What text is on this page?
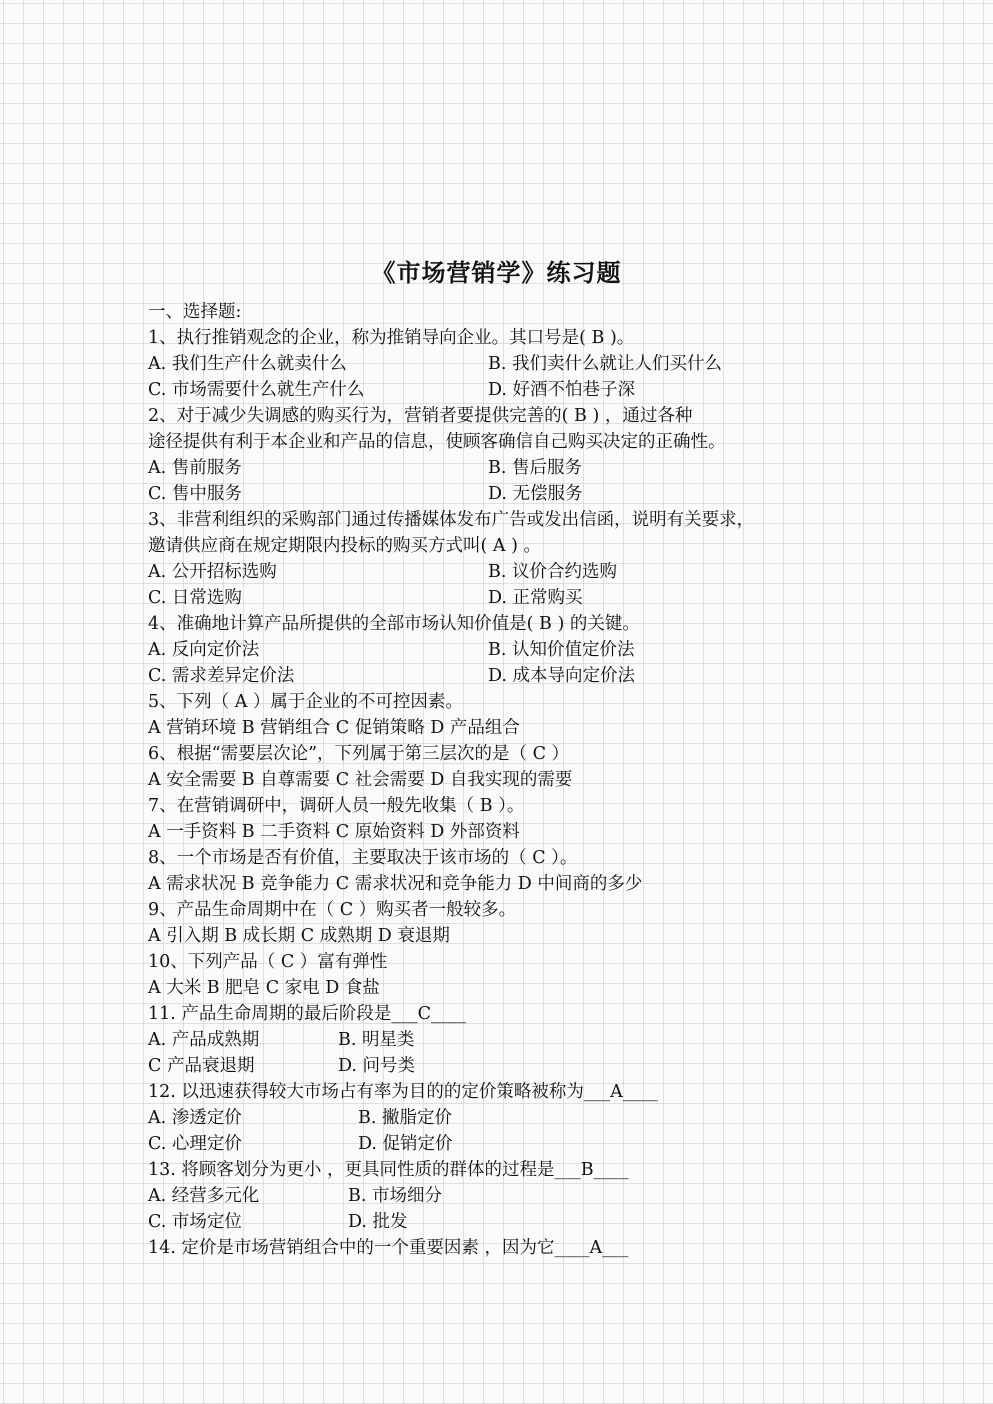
《市场营销学》练习题
一、选择题:
1、执行推销观念的企业，称为推销导向企业。其口号是( B )。
A. 我们生产什么就卖什么	B. 我们卖什么就让人们买什么
C. 市场需要什么就生产什么	D. 好酒不怕巷子深
2、对于减少失调感的购买行为，营销者要提供完善的( B ) ，通过各种
途径提供有利于本企业和产品的信息，使顾客确信自己购买决定的正确性。
A. 售前服务	B. 售后服务
C. 售中服务	D. 无偿服务
3、非营利组织的采购部门通过传播媒体发布广告或发出信函，说明有关要求，
邀请供应商在规定期限内投标的购买方式叫( A ) 。
A. 公开招标选购	B. 议价合约选购
C. 日常选购	D. 正常购买
4、准确地计算产品所提供的全部市场认知价值是( B ) 的关键。
A. 反向定价法	B. 认知价值定价法
C. 需求差异定价法	D. 成本导向定价法
5、下列（ A ）属于企业的不可控因素。
A 营销环境 B 营销组合 C 促销策略 D 产品组合
6、根据“需要层次论”，下列属于第三层次的是（ C ）
A 安全需要 B 自尊需要 C 社会需要 D 自我实现的需要
7、在营销调研中，调研人员一般先收集（ B ）。
A 一手资料 B 二手资料 C 原始资料 D 外部资料
8、一个市场是否有价值，主要取决于该市场的（ C ）。
A 需求状况 B 竞争能力 C 需求状况和竞争能力 D 中间商的多少
9、产品生命周期中在（ C ）购买者一般较多。
A 引入期 B 成长期 C 成熟期 D 衰退期
10、下列产品（ C ）富有弹性
A 大米 B 肥皂 C 家电 D 食盐
11. 产品生命周期的最后阶段是___C____
A. 产品成熟期	B. 明星类
C 产品衰退期	D. 问号类
12. 以迅速获得较大市场占有率为目的的定价策略被称为___A____
A. 渗透定价	B. 撇脂定价
C. 心理定价	D. 促销定价
13. 将顾客划分为更小 ，更具同性质的群体的过程是___B____
A. 经营多元化	B. 市场细分
C. 市场定位	D. 批发
14. 定价是市场营销组合中的一个重要因素 ，因为它____A___
